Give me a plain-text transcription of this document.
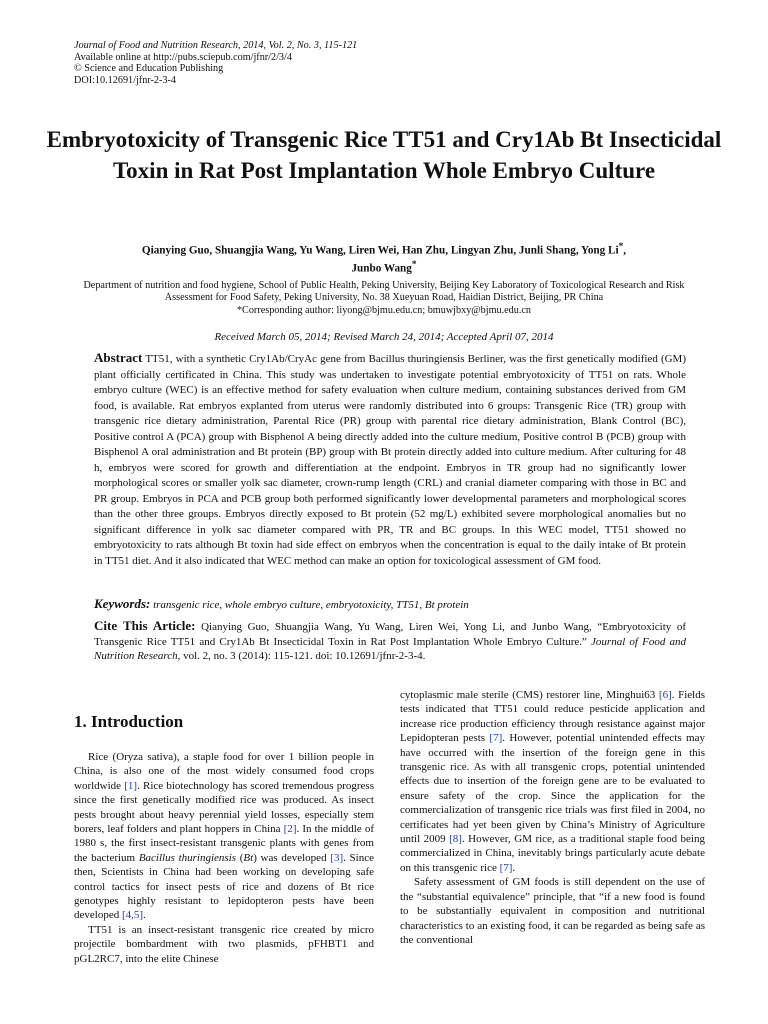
Journal of Food and Nutrition Research, 2014, Vol. 2, No. 3, 115-121
Available online at http://pubs.sciepub.com/jfnr/2/3/4
© Science and Education Publishing
DOI:10.12691/jfnr-2-3-4
Embryotoxicity of Transgenic Rice TT51 and Cry1Ab Bt Insecticidal Toxin in Rat Post Implantation Whole Embryo Culture
Qianying Guo, Shuangjia Wang, Yu Wang, Liren Wei, Han Zhu, Lingyan Zhu, Junli Shang, Yong Li*,
Junbo Wang*
Department of nutrition and food hygiene, School of Public Health, Peking University, Beijing Key Laboratory of Toxicological Research and Risk Assessment for Food Safety, Peking University, No. 38 Xueyuan Road, Haidian District, Beijing, PR China
*Corresponding author: liyong@bjmu.edu.cn; bmuwjbxy@bjmu.edu.cn
Received March 05, 2014; Revised March 24, 2014; Accepted April 07, 2014
Abstract TT51, with a synthetic Cry1Ab/CryAc gene from Bacillus thuringiensis Berliner, was the first genetically modified (GM) plant officially certificated in China. This study was undertaken to investigate potential embryotoxicity of TT51 on rats. Whole embryo culture (WEC) is an effective method for safety evaluation when culture medium, containing substances derived from GM food, is available. Rat embryos explanted from uterus were randomly distributed into 6 groups: Transgenic Rice (TR) group with transgenic rice dietary administration, Parental Rice (PR) group with parental rice dietary administration, Blank Control (BC), Positive control A (PCA) group with Bisphenol A being directly added into the culture medium, Positive control B (PCB) group with Bisphenol A oral administration and Bt protein (BP) group with Bt protein directly added into culture medium. After culturing for 48 h, embryos were scored for growth and differentiation at the endpoint. Embryos in TR group had no significantly lower morphological scores or smaller yolk sac diameter, crown-rump length (CRL) and cranial diameter comparing with those in BC and PR group. Embryos in PCA and PCB group both performed significantly lower developmental parameters and morphological scores than the other three groups. Embryos directly exposed to Bt protein (52 mg/L) exhibited severe morphological anomalies but no significant difference in yolk sac diameter compared with PR, TR and BC groups. In this WEC model, TT51 showed no embryotoxicity to rats although Bt toxin had side effect on embryos when the concentration is equal to the daily intake of Bt protein in TT51 diet. And it also indicated that WEC method can make an option for toxicological assessment of GM food.
Keywords: transgenic rice, whole embryo culture, embryotoxicity, TT51, Bt protein
Cite This Article: Qianying Guo, Shuangjia Wang, Yu Wang, Liren Wei, Yong Li, and Junbo Wang, “Embryotoxicity of Transgenic Rice TT51 and Cry1Ab Bt Insecticidal Toxin in Rat Post Implantation Whole Embryo Culture.” Journal of Food and Nutrition Research, vol. 2, no. 3 (2014): 115-121. doi: 10.12691/jfnr-2-3-4.
1. Introduction

Rice (Oryza sativa), a staple food for over 1 billion people in China, is also one of the most widely consumed food crops worldwide [1]. Rice biotechnology has scored tremendous progress since the first genetically modified rice was produced. As insect pests brought about heavy perennial yield losses, especially stem borers, leaf folders and plant hoppers in China [2]. In the middle of 1980 s, the first insect-resistant transgenic plants with genes from the bacterium Bacillus thuringiensis (Bt) was developed [3]. Since then, Scientists in China had been working on developing safe control tactics for insect pests of rice and dozens of Bt rice genotypes highly resistant to lepidopteron pests have been developed [4,5].

TT51 is an insect-resistant transgenic rice created by micro projectile bombardment with two plasmids, pFHBT1 and pGL2RC7, into the elite Chinese

cytoplasmic male sterile (CMS) restorer line, Minghui63 [6]. Fields tests indicated that TT51 could reduce pesticide application and increase rice production efficiency through resistance against major Lepidopteran pests [7]. However, potential unintended effects may have occurred with the insertion of the foreign gene in this transgenic rice. As with all transgenic crops, potential unintended effects due to insertion of the foreign gene are to be evaluated to ensure safety of the crop. Since the application for the commercialization of transgenic rice trials was first filed in 2004, no certificates had yet been given by China’s Ministry of Agriculture until 2009 [8]. However, GM rice, as a traditional staple food being commercialized in China, inevitably brings particularly acute debate on this transgenic rice [7].

Safety assessment of GM foods is still dependent on the use of the “substantial equivalence” principle, that “if a new food is found to be substantially equivalent in composition and nutritional characteristics to an existing food, it can be regarded as being safe as the conventional
